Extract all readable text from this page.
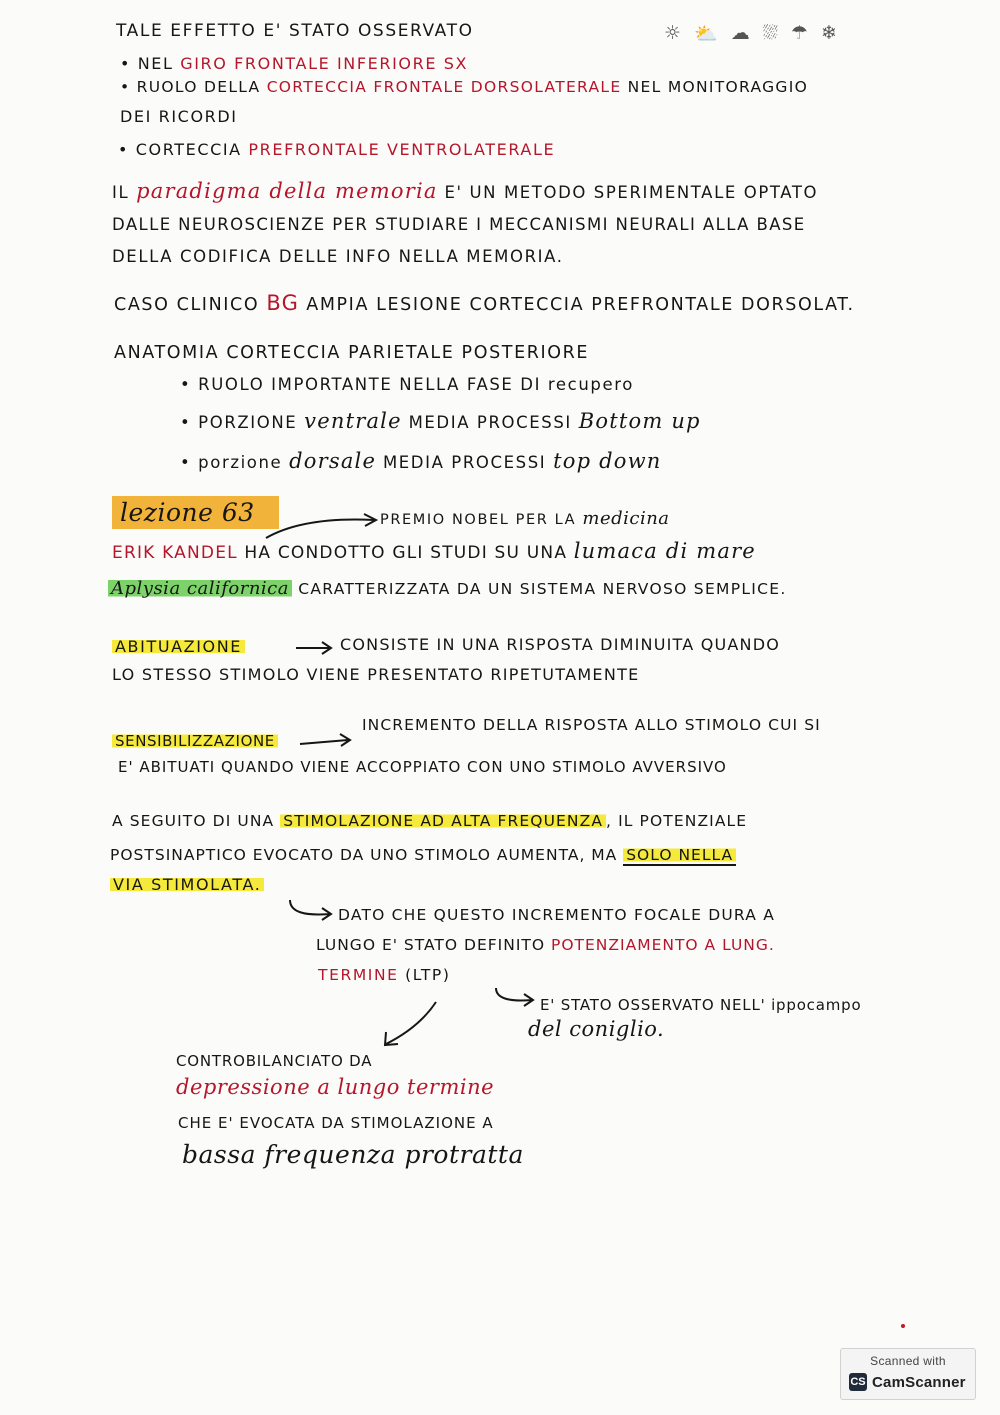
☼ ⛅ ☁ ⛆ ☂ ❄
TALE EFFETTO E' STATO OSSERVATO
• NEL GIRO FRONTALE INFERIORE SX
• RUOLO DELLA CORTECCIA FRONTALE DORSOLATERALE NEL MONITORAGGIO
DEI RICORDI
• CORTECCIA PREFRONTALE VENTROLATERALE
IL paradigma della memoria E' UN METODO SPERIMENTALE OPTATO
DALLE NEUROSCIENZE PER STUDIARE I MECCANISMI NEURALI ALLA BASE
DELLA CODIFICA DELLE INFO NELLA MEMORIA.
CASO CLINICO BG AMPIA LESIONE CORTECCIA PREFRONTALE DORSOLAT.
ANATOMIA CORTECCIA PARIETALE POSTERIORE
• RUOLO IMPORTANTE NELLA FASE DI recupero
• PORZIONE ventrale MEDIA PROCESSI Bottom up
• porzione dorsale MEDIA PROCESSI top down
lezione 63	PREMIO NOBEL PER LA medicina
ERIK KANDEL HA CONDOTTO GLI STUDI SU UNA lumaca di mare
Aplysia californica CARATTERIZZATA DA UN SISTEMA NERVOSO SEMPLICE.
ABITUAZIONE	CONSISTE IN UNA RISPOSTA DIMINUITA QUANDO
LO STESSO STIMOLO VIENE PRESENTATO RIPETUTAMENTE
SENSIBILIZZAZIONE
INCREMENTO DELLA RISPOSTA ALLO STIMOLO CUI SI
E' ABITUATI QUANDO VIENE ACCOPPIATO CON UNO STIMOLO AVVERSIVO
A SEGUITO DI UNA STIMOLAZIONE AD ALTA FREQUENZA , IL POTENZIALE
POSTSINAPTICO EVOCATO DA UNO STIMOLO AUMENTA, MA SOLO NELLA
VIA STIMOLATA.
DATO CHE QUESTO INCREMENTO FOCALE DURA A
LUNGO E' STATO DEFINITO POTENZIAMENTO A LUNG.
TERMINE (LTP)
E' STATO OSSERVATO NELL' ippocampo
del coniglio.
CONTROBILANCIATO DA
depressione a lungo termine
CHE E' EVOCATA DA STIMOLAZIONE A
bassa frequenza protratta
Scanned with
CS CamScanner
